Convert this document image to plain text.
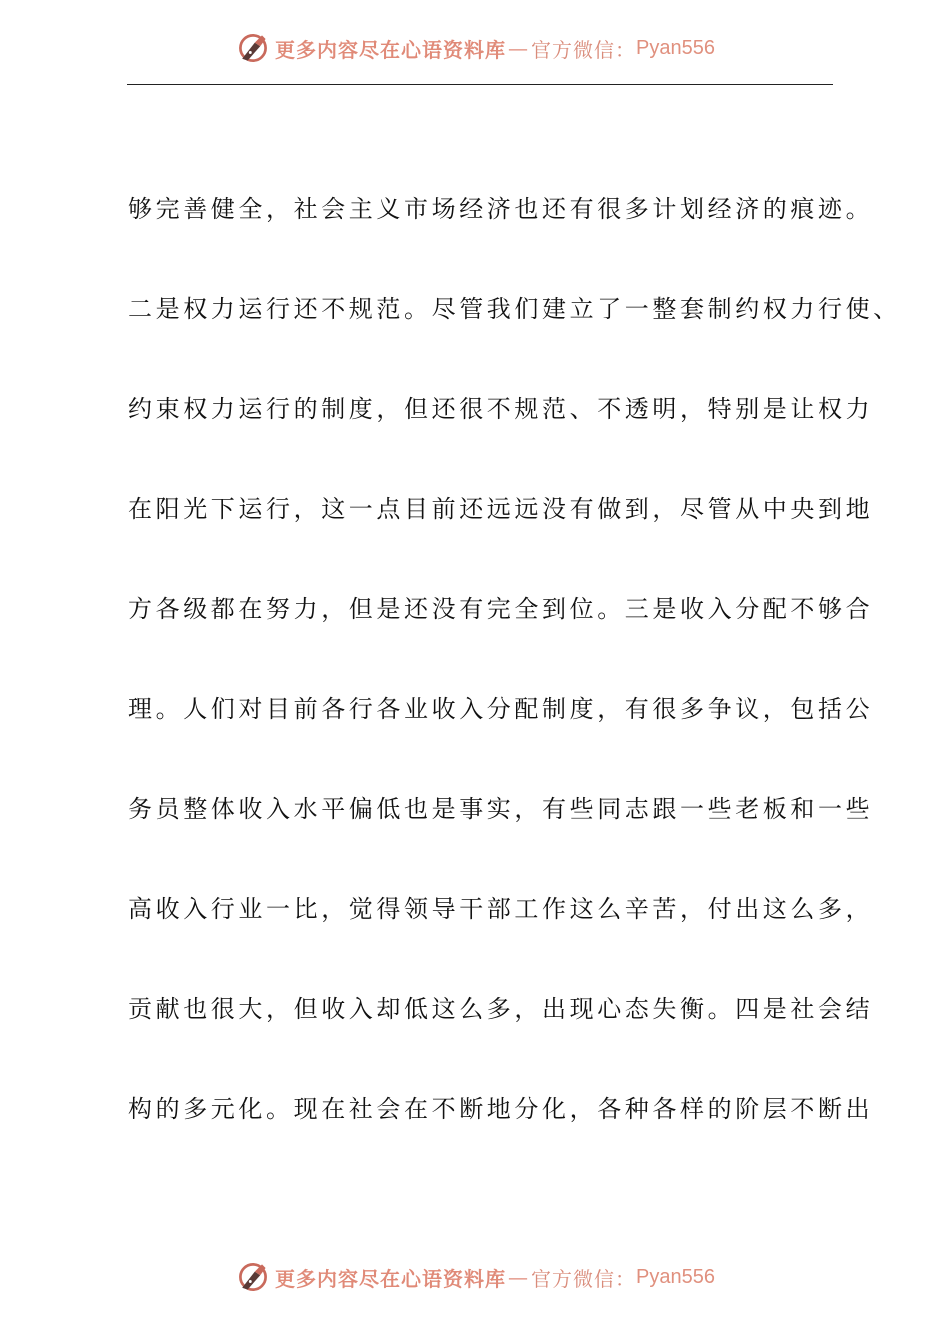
更多内容尽在心语资料库 — 官方微信： Pyan556
够完善健全，社会主义市场经济也还有很多计划经济的痕迹。
二是权力运行还不规范。尽管我们建立了一整套制约权力行使、
约束权力运行的制度，但还很不规范、不透明，特别是让权力
在阳光下运行，这一点目前还远远没有做到，尽管从中央到地
方各级都在努力，但是还没有完全到位。三是收入分配不够合
理。人们对目前各行各业收入分配制度，有很多争议，包括公
务员整体收入水平偏低也是事实，有些同志跟一些老板和一些
高收入行业一比，觉得领导干部工作这么辛苦，付出这么多，
贡献也很大，但收入却低这么多，出现心态失衡。四是社会结
构的多元化。现在社会在不断地分化，各种各样的阶层不断出
更多内容尽在心语资料库 — 官方微信： Pyan556
